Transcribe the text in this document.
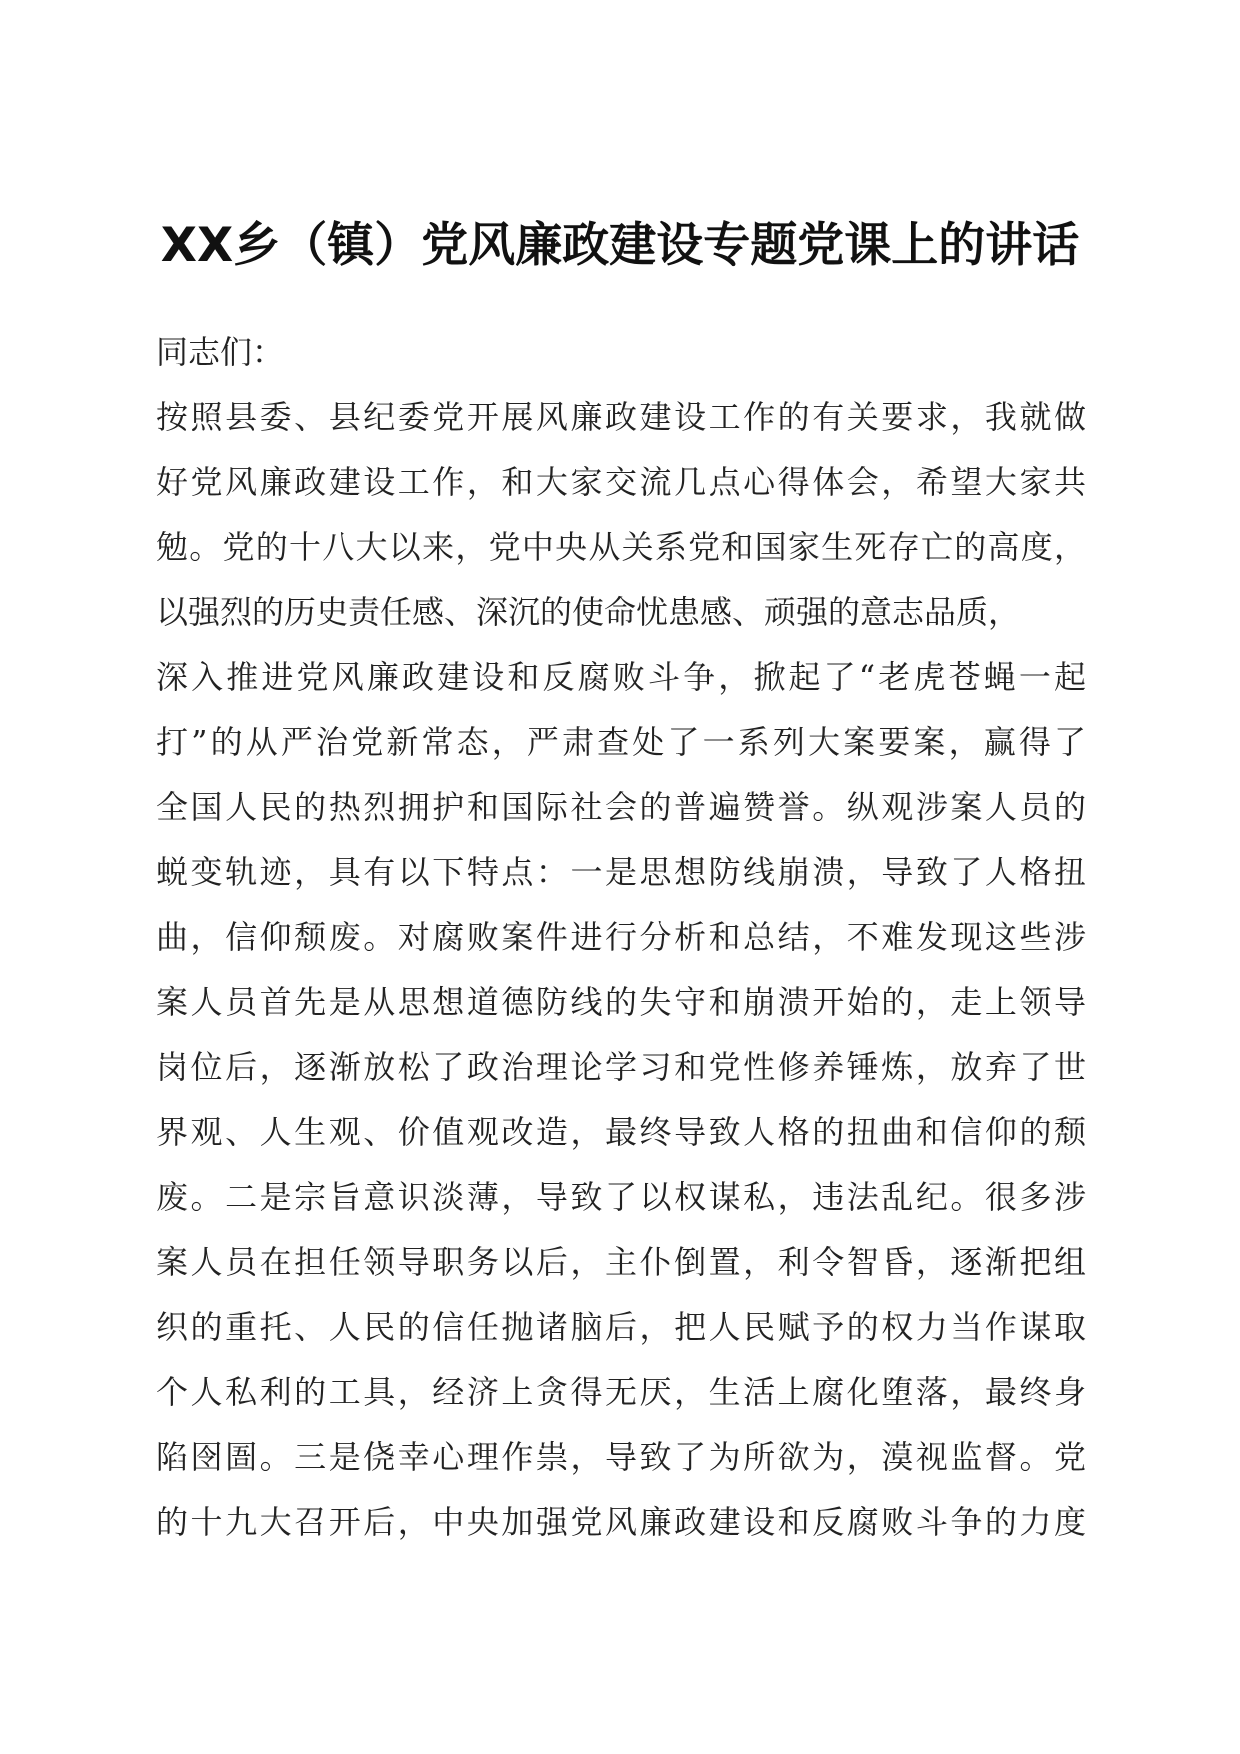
XX乡（镇）党风廉政建设专题党课上的讲话
同志们：
按照县委、县纪委党开展风廉政建设工作的有关要求，我就做
好党风廉政建设工作，和大家交流几点心得体会，希望大家共
勉。党的十八大以来，党中央从关系党和国家生死存亡的高度，
以强烈的历史责任感、深沉的使命忧患感、顽强的意志品质，
深入推进党风廉政建设和反腐败斗争，掀起了“老虎苍蝇一起
打”的从严治党新常态，严肃查处了一系列大案要案，赢得了
全国人民的热烈拥护和国际社会的普遍赞誉。纵观涉案人员的
蜕变轨迹，具有以下特点：一是思想防线崩溃，导致了人格扭
曲，信仰颓废。对腐败案件进行分析和总结，不难发现这些涉
案人员首先是从思想道德防线的失守和崩溃开始的，走上领导
岗位后，逐渐放松了政治理论学习和党性修养锤炼，放弃了世
界观、人生观、价值观改造，最终导致人格的扭曲和信仰的颓
废。二是宗旨意识淡薄，导致了以权谋私，违法乱纪。很多涉
案人员在担任领导职务以后，主仆倒置，利令智昏，逐渐把组
织的重托、人民的信任抛诸脑后，把人民赋予的权力当作谋取
个人私利的工具，经济上贪得无厌，生活上腐化堕落，最终身
陷囹圄。三是侥幸心理作祟，导致了为所欲为，漠视监督。党
的十九大召开后，中央加强党风廉政建设和反腐败斗争的力度
